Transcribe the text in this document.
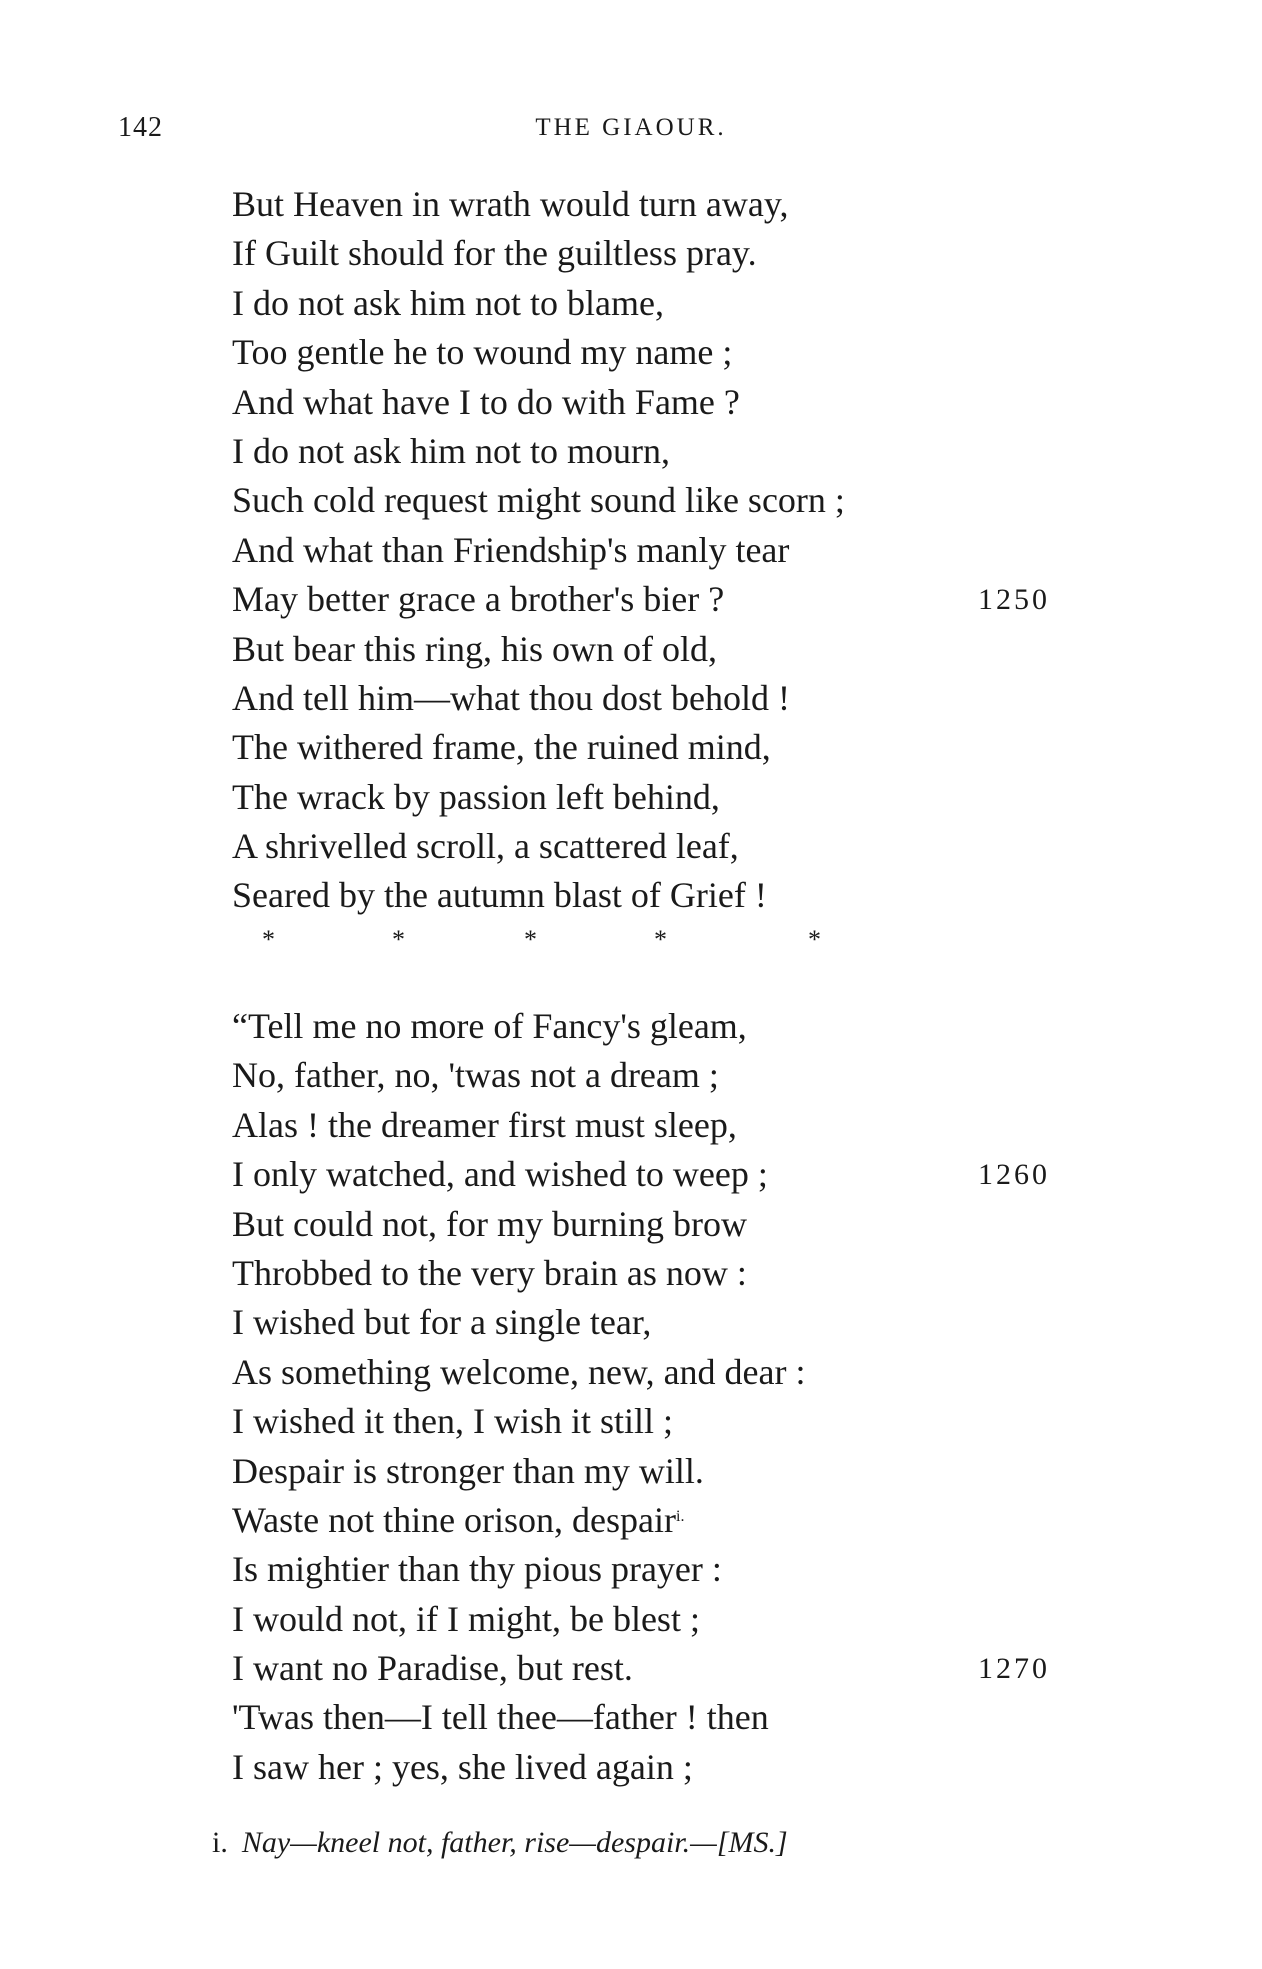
142	THE GIAOUR.
But Heaven in wrath would turn away,
If Guilt should for the guiltless pray.
I do not ask him not to blame,
Too gentle he to wound my name ;
And what have I to do with Fame ?
I do not ask him not to mourn,
Such cold request might sound like scorn ;
And what than Friendship's manly tear
May better grace a brother's bier ?	1250
But bear this ring, his own of old,
And tell him—what thou dost behold !
The withered frame, the ruined mind,
The wrack by passion left behind,
A shrivelled scroll, a scattered leaf,
Seared by the autumn blast of Grief !
*	*	*	*	*
“Tell me no more of Fancy's gleam,
No, father, no, 'twas not a dream ;
Alas ! the dreamer first must sleep,
I only watched, and wished to weep ;	1260
But could not, for my burning brow
Throbbed to the very brain as now :
I wished but for a single tear,
As something welcome, new, and dear :
I wished it then, I wish it still ;
Despair is stronger than my will.
Waste not thine orison, despair$^{i.}$
Is mightier than thy pious prayer :
I would not, if I might, be blest ;
I want no Paradise, but rest.	1270
'Twas then—I tell thee—father ! then
I saw her ; yes, she lived again ;
i. Nay—kneel not, father, rise—despair.—[MS.]
